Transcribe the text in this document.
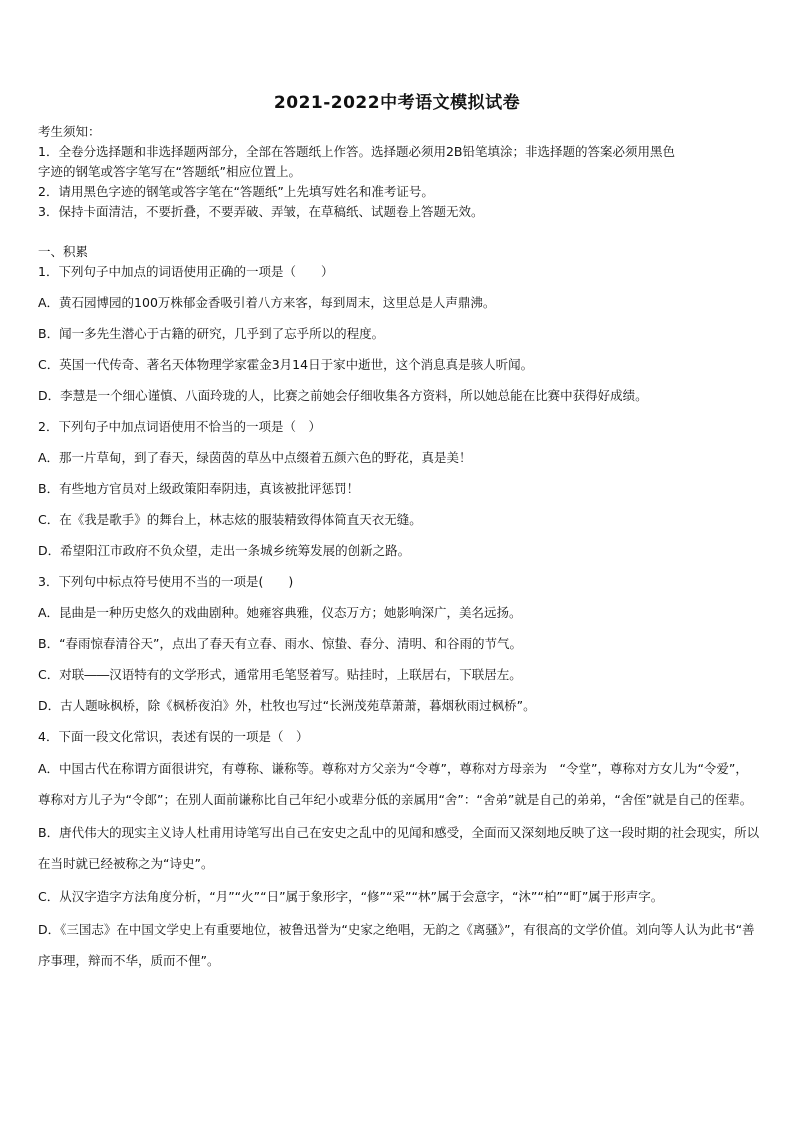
2021-2022中考语文模拟试卷
考生须知：
1．全卷分选择题和非选择题两部分，全部在答题纸上作答。选择题必须用2B铅笔填涂；非选择题的答案必须用黑色
字迹的钢笔或答字笔写在“答题纸”相应位置上。
2．请用黑色字迹的钢笔或答字笔在“答题纸”上先填写姓名和准考证号。
3．保持卡面清洁，不要折叠，不要弄破、弄皱，在草稿纸、试题卷上答题无效。
一、积累
1．下列句子中加点的词语使用正确的一项是（　　）
A．黄石园博园的100万株郁金香吸引着八方来客，每到周末，这里总是人声鼎沸。
B．闻一多先生潜心于古籍的研究，几乎到了忘乎所以的程度。
C．英国一代传奇、著名天体物理学家霍金3月14日于家中逝世，这个消息真是骇人听闻。
D．李慧是一个细心谨慎、八面玲珑的人，比赛之前她会仔细收集各方资料，所以她总能在比赛中获得好成绩。
2．下列句子中加点词语使用不恰当的一项是（　）
A．那一片草甸，到了春天，绿茵茵的草丛中点缀着五颜六色的野花，真是美！
B．有些地方官员对上级政策阳奉阴违，真该被批评惩罚！
C．在《我是歌手》的舞台上，林志炫的服装精致得体简直天衣无缝。
D．希望阳江市政府不负众望，走出一条城乡统筹发展的创新之路。
3．下列句中标点符号使用不当的一项是(　　)
A．昆曲是一种历史悠久的戏曲剧种。她雍容典雅，仪态万方；她影响深广，美名远扬。
B．“春雨惊春清谷天”，点出了春天有立春、雨水、惊蛰、春分、清明、和谷雨的节气。
C．对联――汉语特有的文学形式，通常用毛笔竖着写。贴挂时，上联居右，下联居左。
D．古人题咏枫桥，除《枫桥夜泊》外，杜牧也写过“长洲茂苑草萧萧，暮烟秋雨过枫桥”。
4．下面一段文化常识，表述有误的一项是（　）
A．中国古代在称谓方面很讲究，有尊称、谦称等。尊称对方父亲为“令尊”，尊称对方母亲为　“令堂”，尊称对方女儿为“令爱”，尊称对方儿子为“令郎”；在别人面前谦称比自己年纪小或辈分低的亲属用“舍”：“舍弟”就是自己的弟弟，“舍侄”就是自己的侄辈。
B．唐代伟大的现实主义诗人杜甫用诗笔写出自己在安史之乱中的见闻和感受，全面而又深刻地反映了这一段时期的社会现实，所以在当时就已经被称之为“诗史”。
C．从汉字造字方法角度分析，“月”“火”“日”属于象形字，“修”“采”“林”属于会意字，“沐”“柏”“町”属于形声字。
D．《三国志》在中国文学史上有重要地位，被鲁迅誉为“史家之绝唱，无韵之《离骚》”，有很高的文学价值。刘向等人认为此书“善序事理，辩而不华，质而不俚”。
